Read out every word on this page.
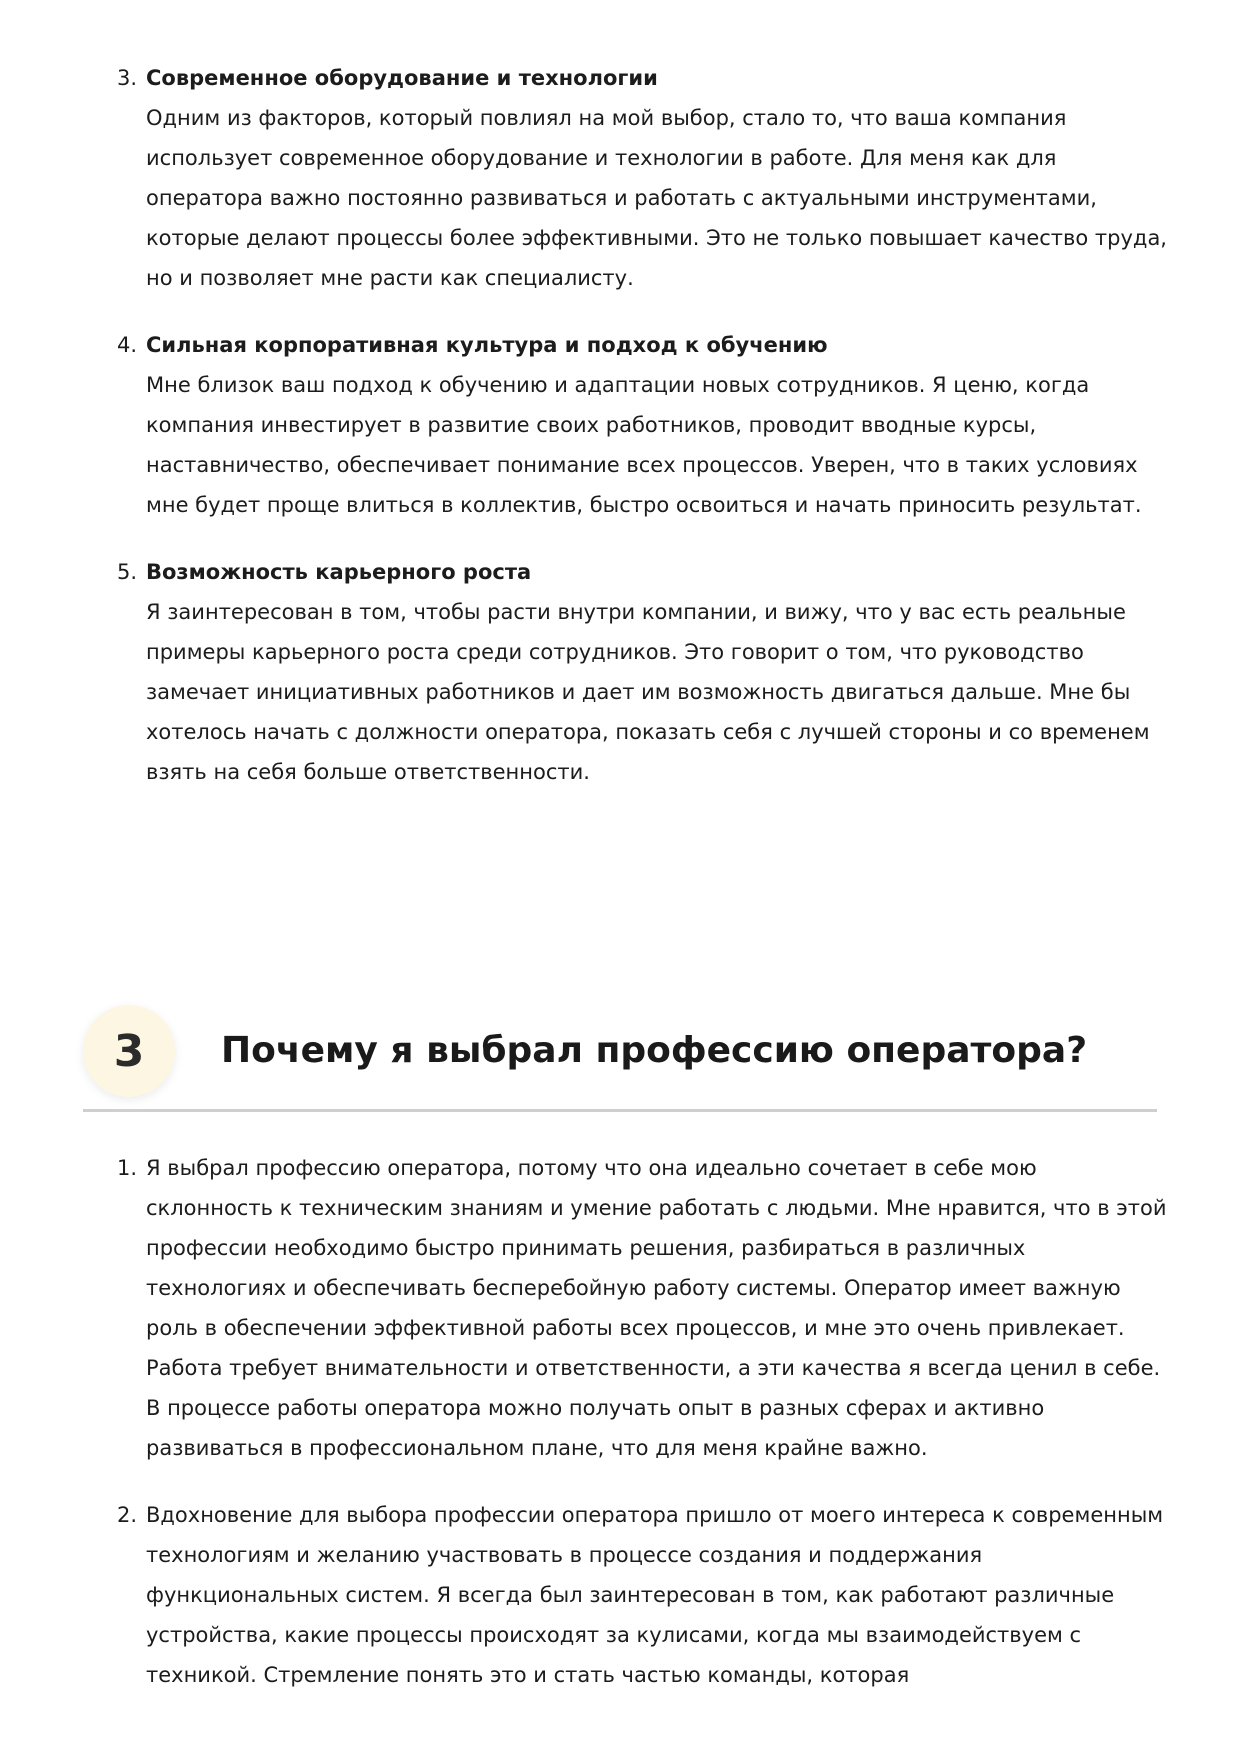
3. Современное оборудование и технологии

Одним из факторов, который повлиял на мой выбор, стало то, что ваша компания использует современное оборудование и технологии в работе. Для меня как для оператора важно постоянно развиваться и работать с актуальными инструментами, которые делают процессы более эффективными. Это не только повышает качество труда, но и позволяет мне расти как специалисту.

4. Сильная корпоративная культура и подход к обучению

Мне близок ваш подход к обучению и адаптации новых сотрудников. Я ценю, когда компания инвестирует в развитие своих работников, проводит вводные курсы, наставничество, обеспечивает понимание всех процессов. Уверен, что в таких условиях мне будет проще влиться в коллектив, быстро освоиться и начать приносить результат.

5. Возможность карьерного роста

Я заинтересован в том, чтобы расти внутри компании, и вижу, что у вас есть реальные примеры карьерного роста среди сотрудников. Это говорит о том, что руководство замечает инициативных работников и дает им возможность двигаться дальше. Мне бы хотелось начать с должности оператора, показать себя с лучшей стороны и со временем взять на себя больше ответственности.

3	Почему я выбрал профессию оператора?
1. Я выбрал профессию оператора, потому что она идеально сочетает в себе мою склонность к техническим знаниям и умение работать с людьми. Мне нравится, что в этой профессии необходимо быстро принимать решения, разбираться в различных технологиях и обеспечивать бесперебойную работу системы. Оператор имеет важную роль в обеспечении эффективной работы всех процессов, и мне это очень привлекает. Работа требует внимательности и ответственности, а эти качества я всегда ценил в себе. В процессе работы оператора можно получать опыт в разных сферах и активно развиваться в профессиональном плане, что для меня крайне важно.

2. Вдохновение для выбора профессии оператора пришло от моего интереса к современным технологиям и желанию участвовать в процессе создания и поддержания функциональных систем. Я всегда был заинтересован в том, как работают различные устройства, какие процессы происходят за кулисами, когда мы взаимодействуем с техникой. Стремление понять это и стать частью команды, которая
